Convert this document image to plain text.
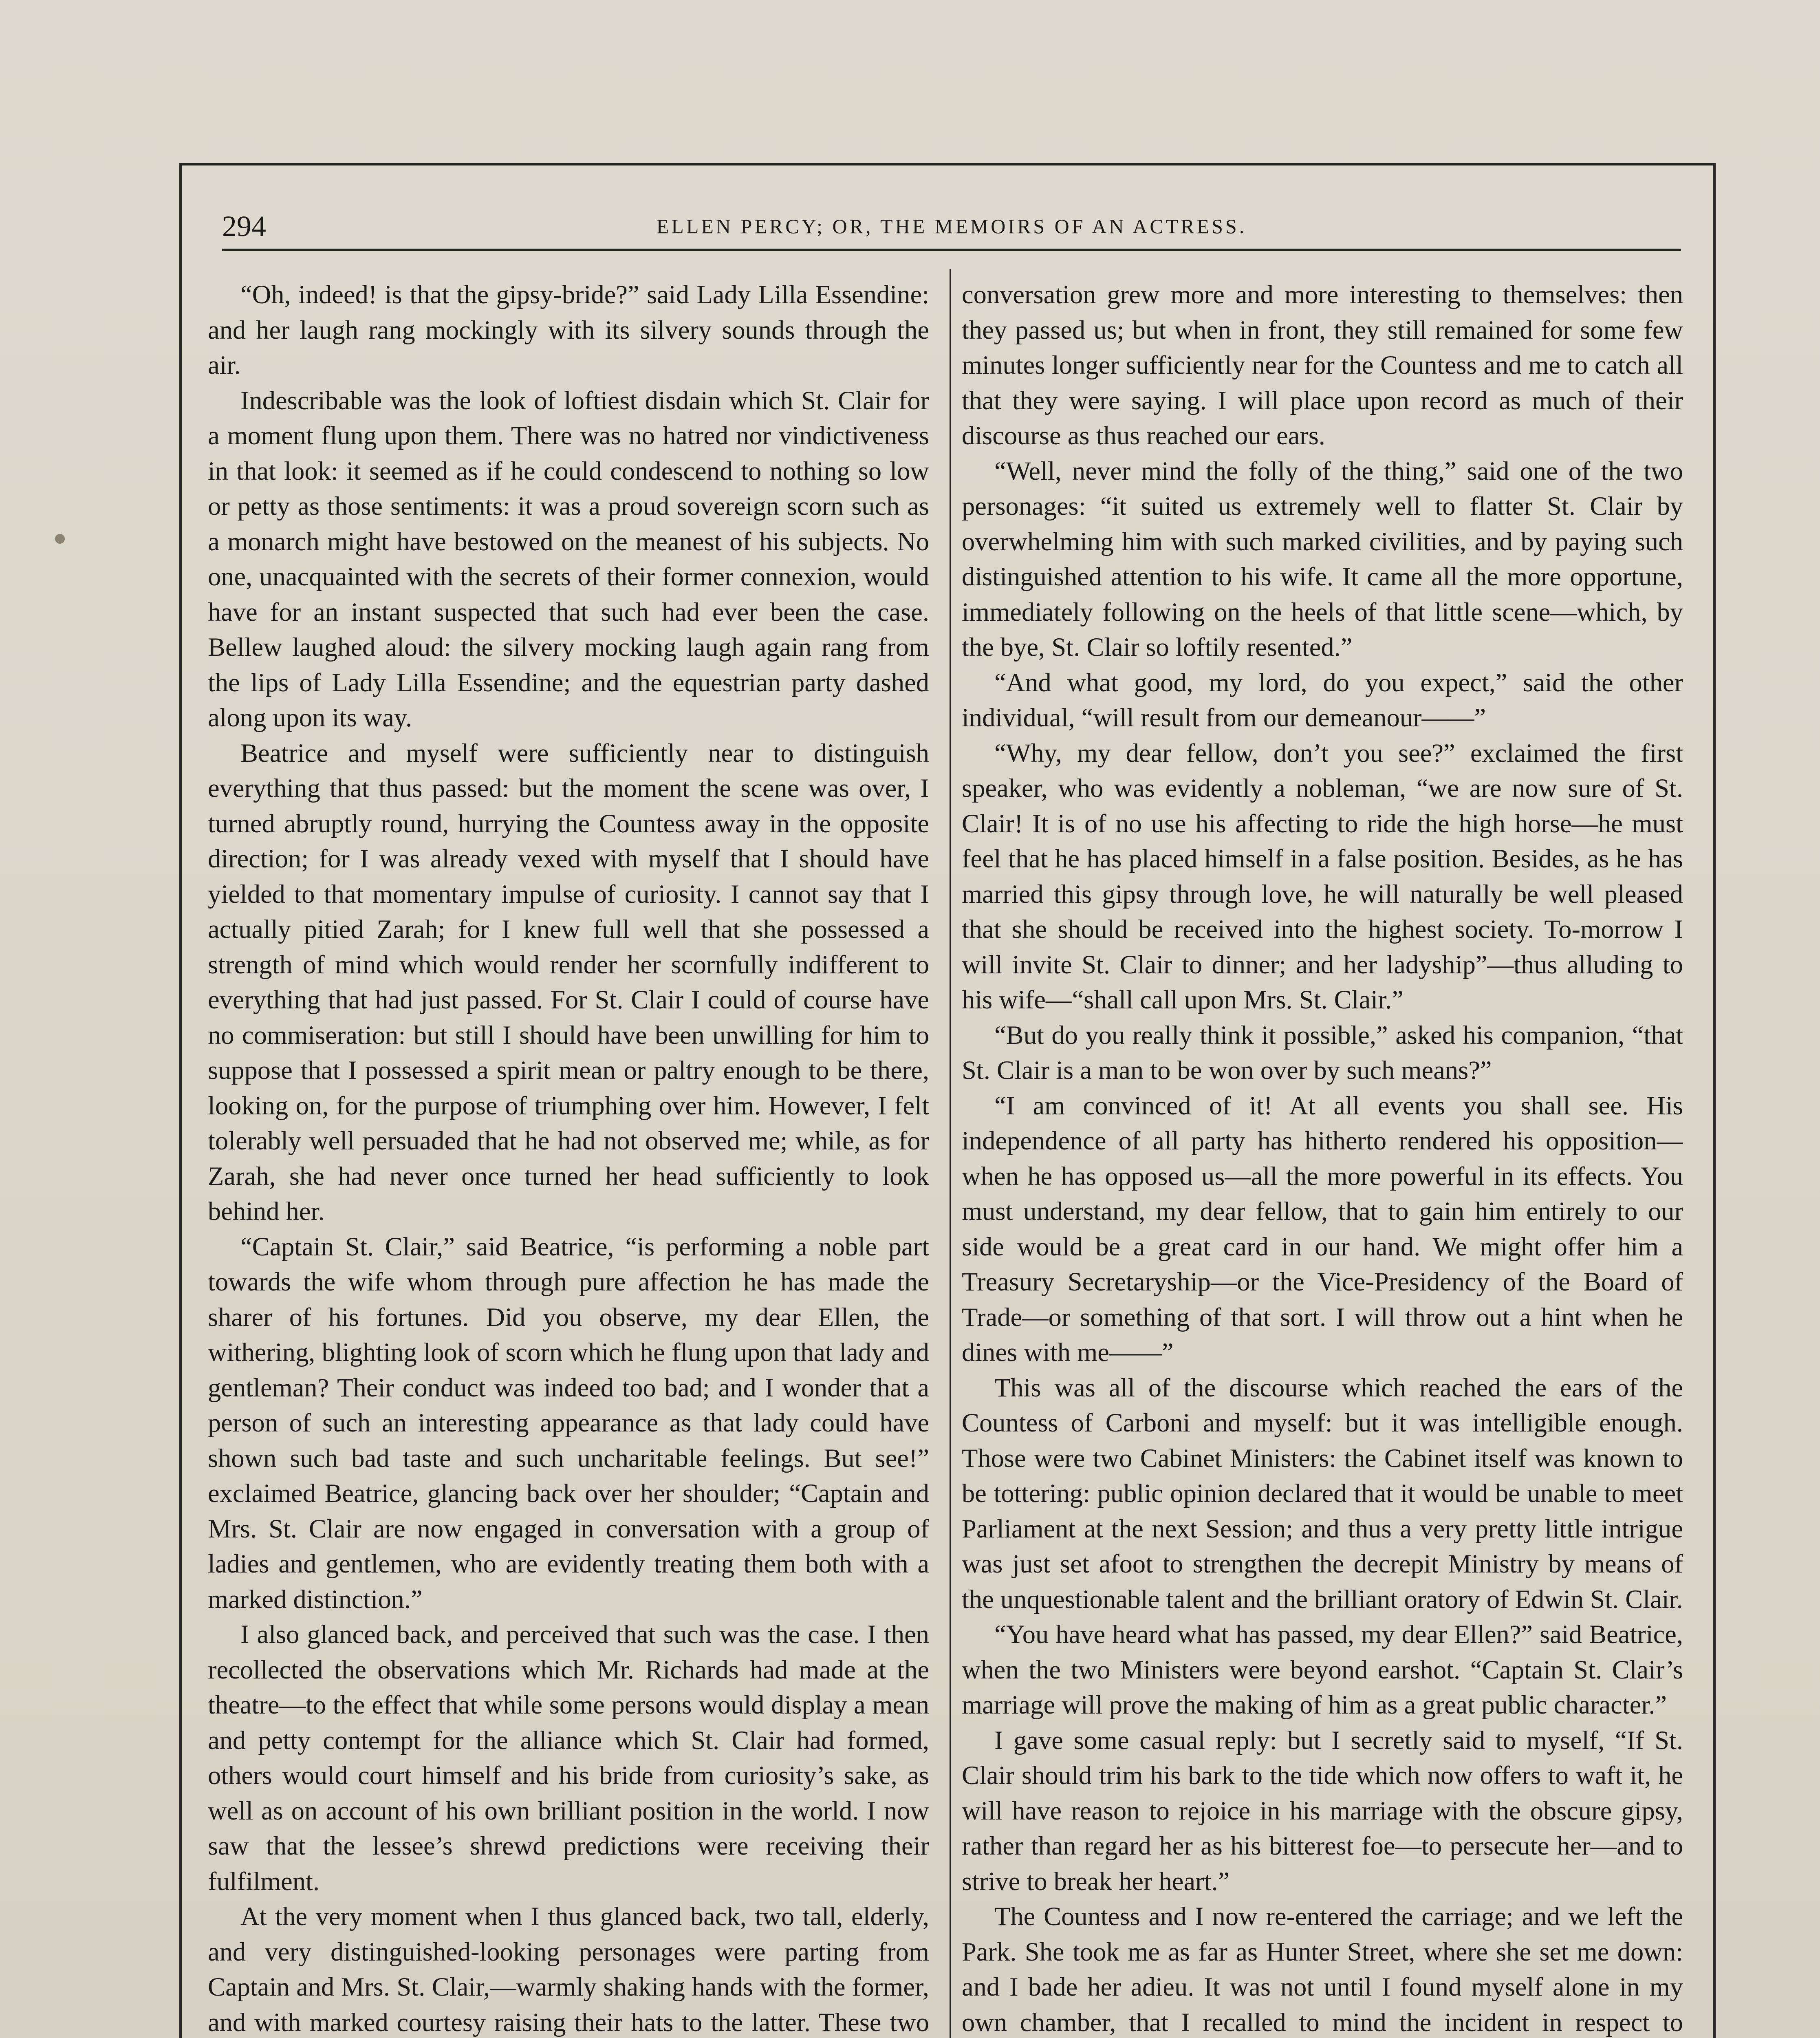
294	ELLEN PERCY; OR, THE MEMOIRS OF AN ACTRESS.

“Oh, indeed! is that the gipsy-bride?” said Lady Lilla Essendine: and her laugh rang mockingly with its silvery sounds through the air.

Indescribable was the look of loftiest disdain which St. Clair for a moment flung upon them. There was no hatred nor vindictiveness in that look: it seemed as if he could condescend to nothing so low or petty as those sentiments: it was a proud sovereign scorn such as a monarch might have bestowed on the meanest of his subjects. No one, unacquainted with the secrets of their former connexion, would have for an instant suspected that such had ever been the case. Bellew laughed aloud: the silvery mocking laugh again rang from the lips of Lady Lilla Essendine; and the equestrian party dashed along upon its way.

Beatrice and myself were sufficiently near to distinguish everything that thus passed: but the moment the scene was over, I turned abruptly round, hurrying the Countess away in the opposite direction; for I was already vexed with myself that I should have yielded to that momentary impulse of curiosity. I cannot say that I actually pitied Zarah; for I knew full well that she possessed a strength of mind which would render her scornfully indifferent to everything that had just passed. For St. Clair I could of course have no commiseration: but still I should have been unwilling for him to suppose that I possessed a spirit mean or paltry enough to be there, looking on, for the purpose of triumphing over him. However, I felt tolerably well persuaded that he had not observed me; while, as for Zarah, she had never once turned her head sufficiently to look behind her.

“Captain St. Clair,” said Beatrice, “is performing a noble part towards the wife whom through pure affection he has made the sharer of his fortunes. Did you observe, my dear Ellen, the withering, blighting look of scorn which he flung upon that lady and gentleman? Their conduct was indeed too bad; and I wonder that a person of such an interesting appearance as that lady could have shown such bad taste and such uncharitable feelings. But see!” exclaimed Beatrice, glancing back over her shoulder; “Captain and Mrs. St. Clair are now engaged in conversation with a group of ladies and gentlemen, who are evidently treating them both with a marked distinction.”

I also glanced back, and perceived that such was the case. I then recollected the observations which Mr. Richards had made at the theatre—to the effect that while some persons would display a mean and petty contempt for the alliance which St. Clair had formed, others would court himself and his bride from curiosity’s sake, as well as on account of his own brilliant position in the world. I now saw that the lessee’s shrewd predictions were receiving their fulfilment.

At the very moment when I thus glanced back, two tall, elderly, and very distinguished-looking personages were parting from Captain and Mrs. St. Clair,—warmly shaking hands with the former, and with marked courtesy raising their hats to the latter. These two

conversation grew more and more interesting to themselves: then they passed us; but when in front, they still remained for some few minutes longer sufficiently near for the Countess and me to catch all that they were saying. I will place upon record as much of their discourse as thus reached our ears.

“Well, never mind the folly of the thing,” said one of the two personages: “it suited us extremely well to flatter St. Clair by overwhelming him with such marked civilities, and by paying such distinguished attention to his wife. It came all the more opportune, immediately following on the heels of that little scene—which, by the bye, St. Clair so loftily resented.”

“And what good, my lord, do you expect,” said the other individual, “will result from our demeanour——”

“Why, my dear fellow, don’t you see?” exclaimed the first speaker, who was evidently a nobleman, “we are now sure of St. Clair! It is of no use his affecting to ride the high horse—he must feel that he has placed himself in a false position. Besides, as he has married this gipsy through love, he will naturally be well pleased that she should be received into the highest society. To-morrow I will invite St. Clair to dinner; and her ladyship”—thus alluding to his wife—“shall call upon Mrs. St. Clair.”

“But do you really think it possible,” asked his companion, “that St. Clair is a man to be won over by such means?”

“I am convinced of it! At all events you shall see. His independence of all party has hitherto rendered his opposition—when he has opposed us—all the more powerful in its effects. You must understand, my dear fellow, that to gain him entirely to our side would be a great card in our hand. We might offer him a Treasury Secretaryship—or the Vice-Presidency of the Board of Trade—or something of that sort. I will throw out a hint when he dines with me——”

This was all of the discourse which reached the ears of the Countess of Carboni and myself: but it was intelligible enough. Those were two Cabinet Ministers: the Cabinet itself was known to be tottering: public opinion declared that it would be unable to meet Parliament at the next Session; and thus a very pretty little intrigue was just set afoot to strengthen the decrepit Ministry by means of the unquestionable talent and the brilliant oratory of Edwin St. Clair.

“You have heard what has passed, my dear Ellen?” said Beatrice, when the two Ministers were beyond earshot. “Captain St. Clair’s marriage will prove the making of him as a great public character.”

I gave some casual reply: but I secretly said to myself, “If St. Clair should trim his bark to the tide which now offers to waft it, he will have reason to rejoice in his marriage with the obscure gipsy, rather than regard her as his bitterest foe—to persecute her—and to strive to break her heart.”

The Countess and I now re-entered the carriage; and we left the Park. She took me as far as Hunter Street, where she set me down: and I bade her adieu. It was not until I found myself alone in my own chamber, that I recalled to mind the incident in respect to
